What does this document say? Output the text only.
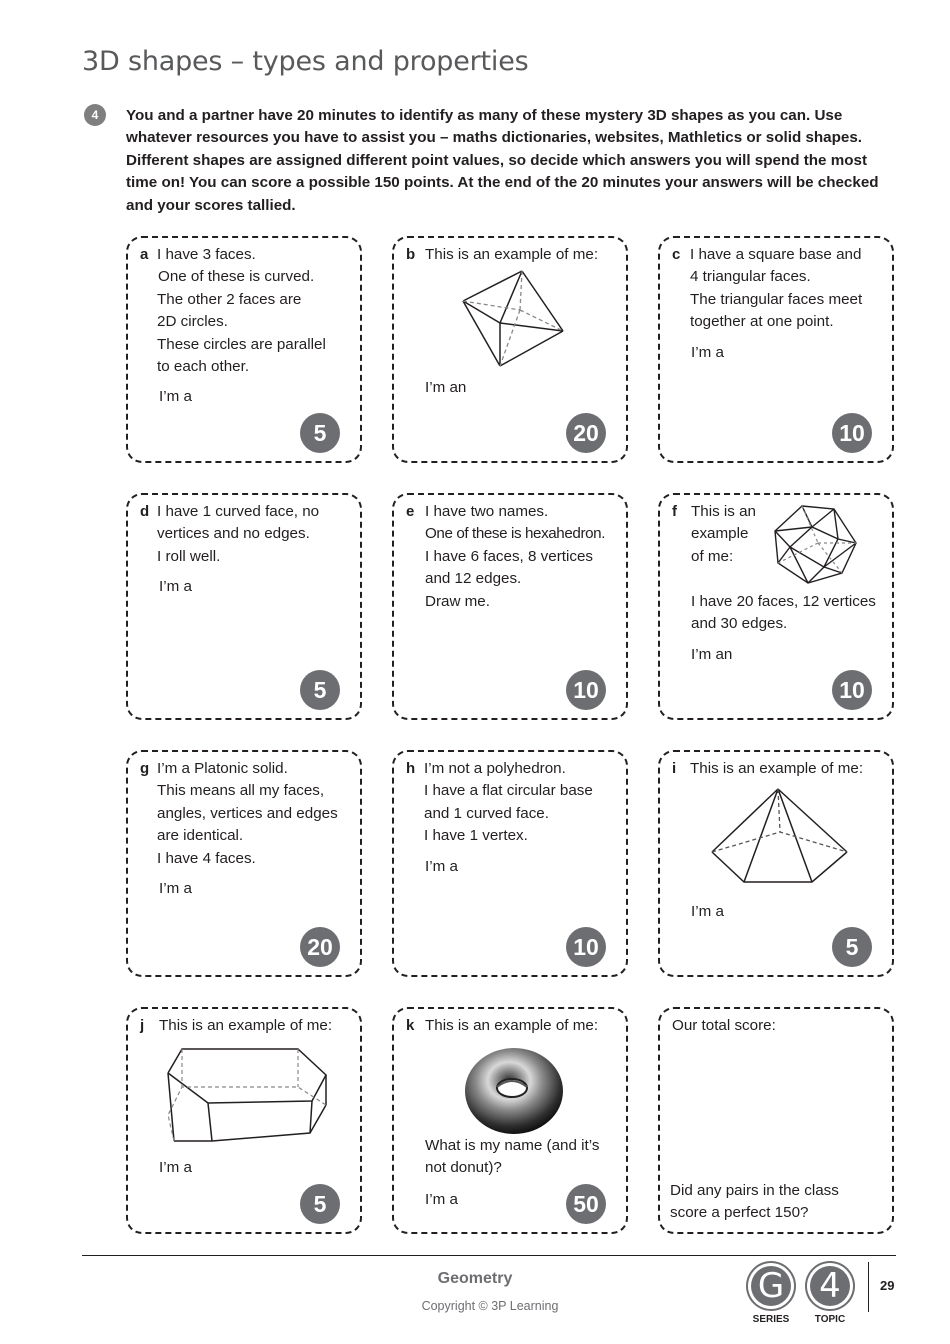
3D shapes – types and properties
4	You and a partner have 20 minutes to identify as many of these mystery 3D shapes as you can. Use whatever resources you have to assist you – maths dictionaries, websites, Mathletics or solid shapes. Different shapes are assigned different point values, so decide which answers you will spend the most time on! You can score a possible 150 points. At the end of the 20 minutes your answers will be checked and your scores tallied.
a I have 3 faces.
One of these is curved.
The other 2 faces are
2D circles.
These circles are parallel
to each other.
I’m a
5
b This is an example of me:
I’m an
20
c I have a square base and
4 triangular faces.
The triangular faces meet
together at one point.
I’m a
10
d I have 1 curved face, no
vertices and no edges.
I roll well.
I’m a
5
e I have two names.
One of these is hexahedron.
I have 6 faces, 8 vertices
and 12 edges.
Draw me.
10
f This is an
example
of me:
I have 20 faces, 12 vertices
and 30 edges.
I’m an
10
g I’m a Platonic solid.
This means all my faces,
angles, vertices and edges
are identical.
I have 4 faces.
I’m a
20
h I’m not a polyhedron.
I have a flat circular base
and 1 curved face.
I have 1 vertex.
I’m a
10
i This is an example of me:
I’m a
5
j This is an example of me:
I’m a
5
k This is an example of me:
What is my name (and it’s
not donut)?
I’m a	50
Our total score:
Did any pairs in the class
score a perfect 150?
Geometry
Copyright © 3P Learning	G
SERIES
4
TOPIC
29
